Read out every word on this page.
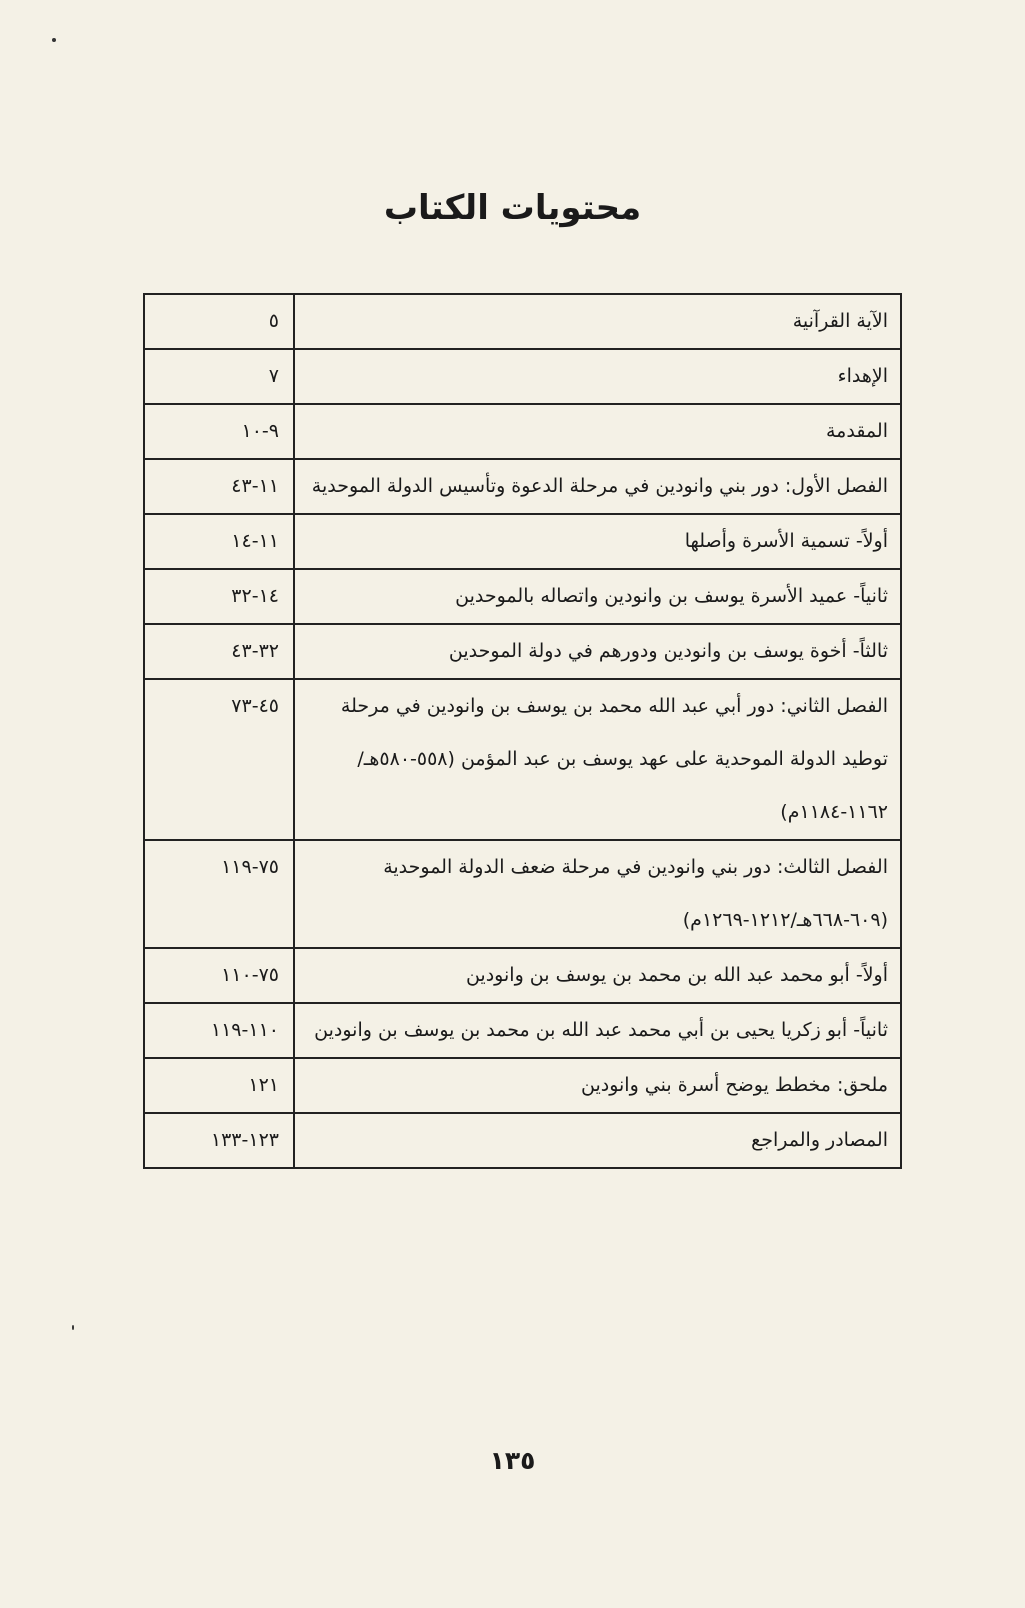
محتويات الكتاب
الآية القرآنية
٥
الإهداء
٧
المقدمة
٩-١٠
الفصل الأول: دور بني وانودين في مرحلة الدعوة وتأسيس الدولة الموحدية
١١-٤٣
أولاً- تسمية الأسرة وأصلها
١١-١٤
ثانياً- عميد الأسرة يوسف بن وانودين واتصاله بالموحدين
١٤-٣٢
ثالثاً- أخوة يوسف بن وانودين ودورهم في دولة الموحدين
٣٢-٤٣
الفصل الثاني: دور أبي عبد الله محمد بن يوسف بن وانودين في مرحلة توطيد الدولة الموحدية على عهد يوسف بن عبد المؤمن (٥٥٨-٥٨٠هـ/١١٦٢-١١٨٤م)
٤٥-٧٣
الفصل الثالث: دور بني وانودين في مرحلة ضعف الدولة الموحدية (٦٠٩-٦٦٨هـ/١٢١٢-١٢٦٩م)
٧٥-١١٩
أولاً- أبو محمد عبد الله بن محمد بن يوسف بن وانودين
٧٥-١١٠
ثانياً- أبو زكريا يحيى بن أبي محمد عبد الله بن محمد بن يوسف بن وانودين
١١٠-١١٩
ملحق: مخطط يوضح أسرة بني وانودين
١٢١
المصادر والمراجع
١٢٣-١٣٣
١٣٥
